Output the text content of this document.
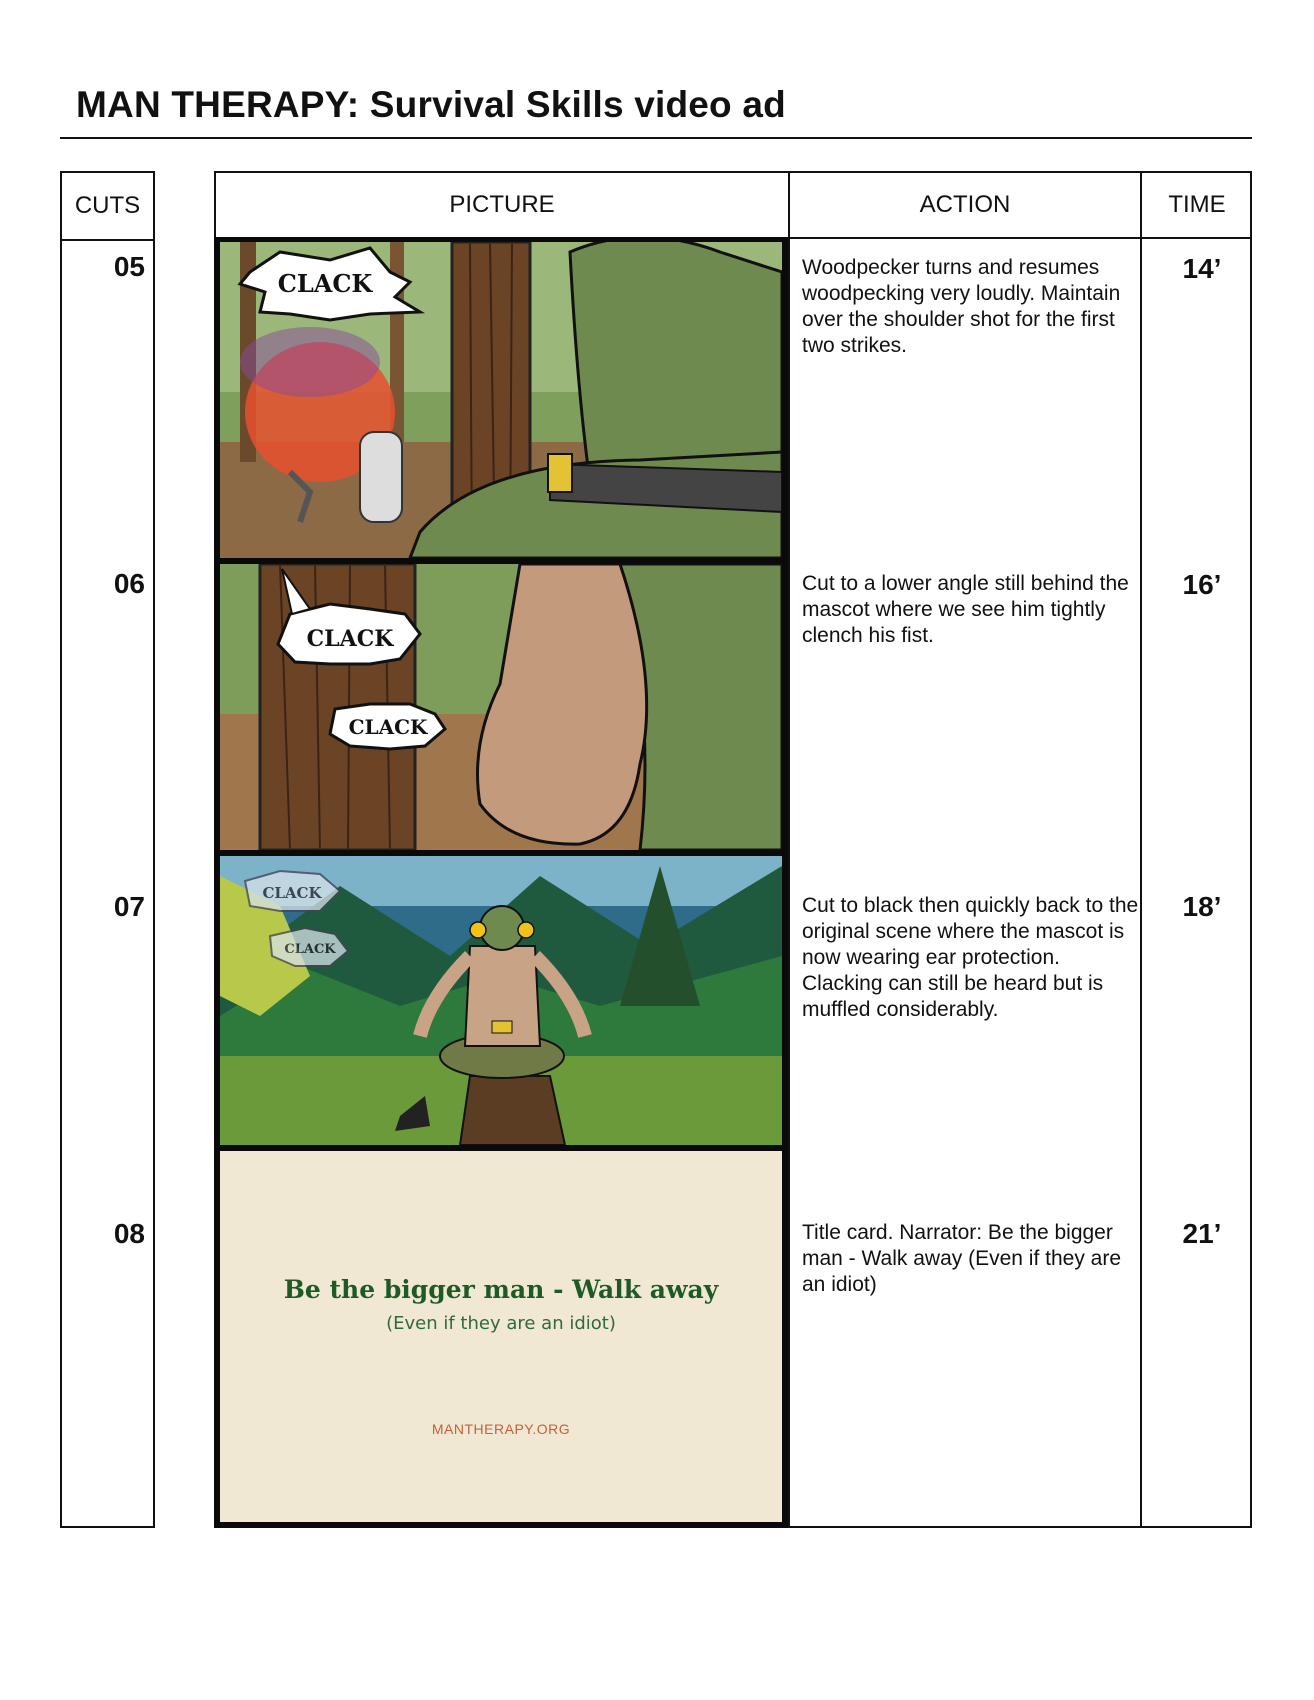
MAN THERAPY: Survival Skills video ad
CUTS
05
06
07
08
PICTURE	ACTION	TIME
Woodpecker turns and resumes woodpecking very loudly. Maintain over the shoulder shot for the first two strikes.
Cut to a lower angle still behind the mascot where we see him tightly clench his fist.
Cut to black then quickly back to the original scene where the mascot is now wearing ear protection. Clacking can still be heard but is muffled considerably.
Title card. Narrator: Be the bigger man - Walk away (Even if they are an idiot)
14’
16’
18’
21’
CLACK
CLACK
CLACK
CLACK
CLACK
Be the bigger man - Walk away
(Even if they are an idiot)
MANTHERAPY.ORG
